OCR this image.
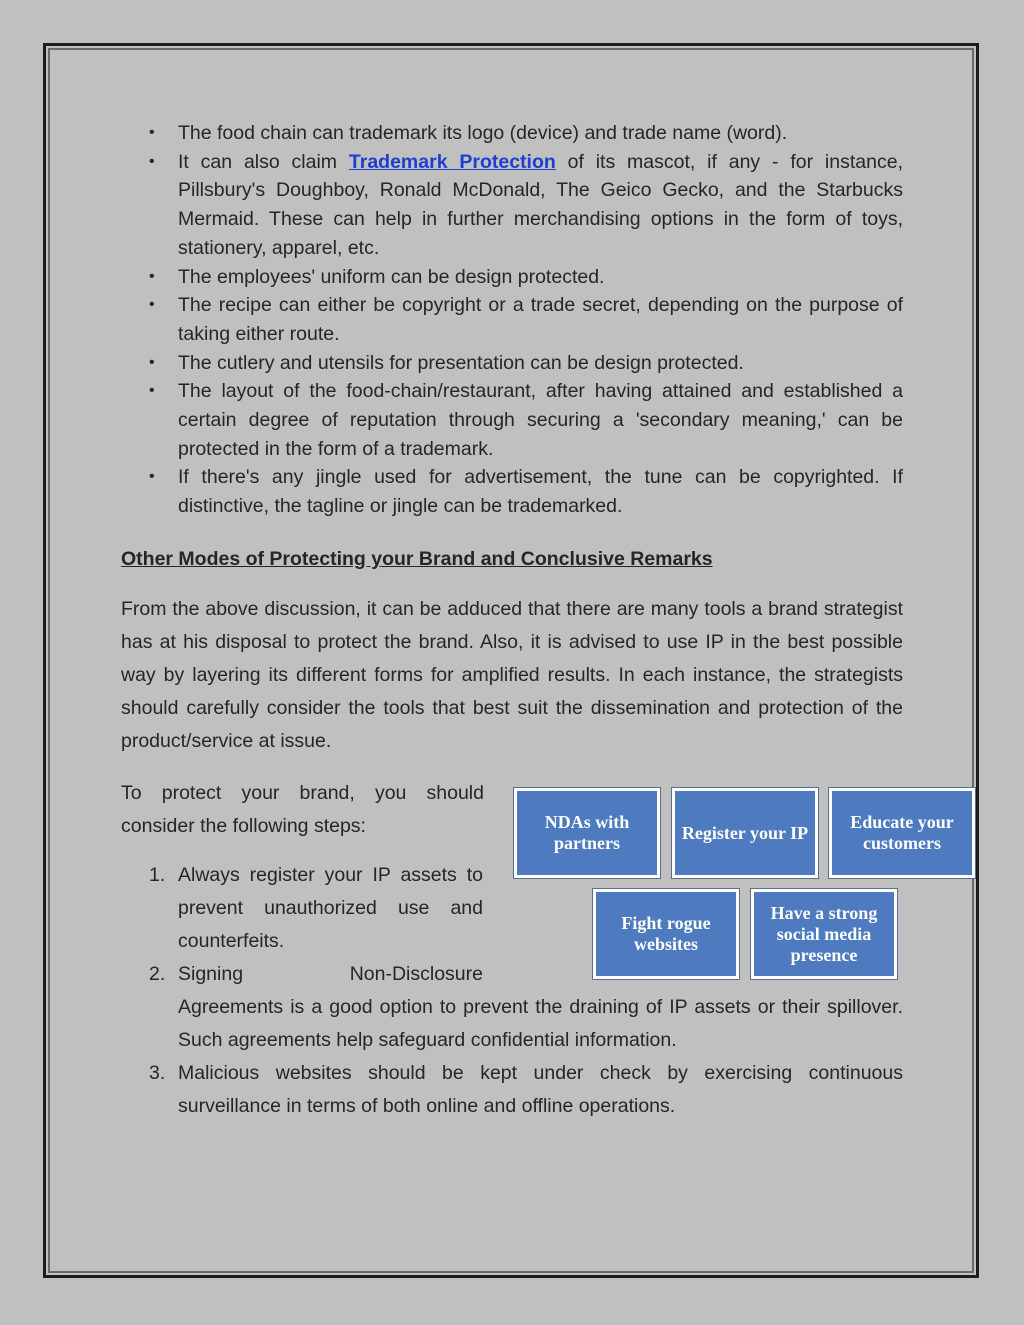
• The food chain can trademark its logo (device) and trade name (word).
• It can also claim Trademark Protection of its mascot, if any - for instance, Pillsbury's Doughboy, Ronald McDonald, The Geico Gecko, and the Starbucks Mermaid. These can help in further merchandising options in the form of toys, stationery, apparel, etc.
• The employees' uniform can be design protected.
• The recipe can either be copyright or a trade secret, depending on the purpose of taking either route.
• The cutlery and utensils for presentation can be design protected.
• The layout of the food-chain/restaurant, after having attained and established a certain degree of reputation through securing a 'secondary meaning,' can be protected in the form of a trademark.
• If there's any jingle used for advertisement, the tune can be copyrighted. If distinctive, the tagline or jingle can be trademarked.
Other Modes of Protecting your Brand and Conclusive Remarks

From the above discussion, it can be adduced that there are many tools a brand strategist has at his disposal to protect the brand. Also, it is advised to use IP in the best possible way by layering its different forms for amplified results. In each instance, the strategists should carefully consider the tools that best suit the dissemination and protection of the product/service at issue.

To protect your brand, you should consider the following steps:

1. Always register your IP assets to prevent unauthorized use and counterfeits.
2. Signing Non-Disclosure
Agreements is a good option to prevent the draining of IP assets or their spillover. Such agreements help safeguard confidential information.
3. Malicious websites should be kept under check by exercising continuous surveillance in terms of both online and offline operations.
NDAs with partners
Register your IP
Educate your customers
Fight rogue websites
Have a strong social media presence
